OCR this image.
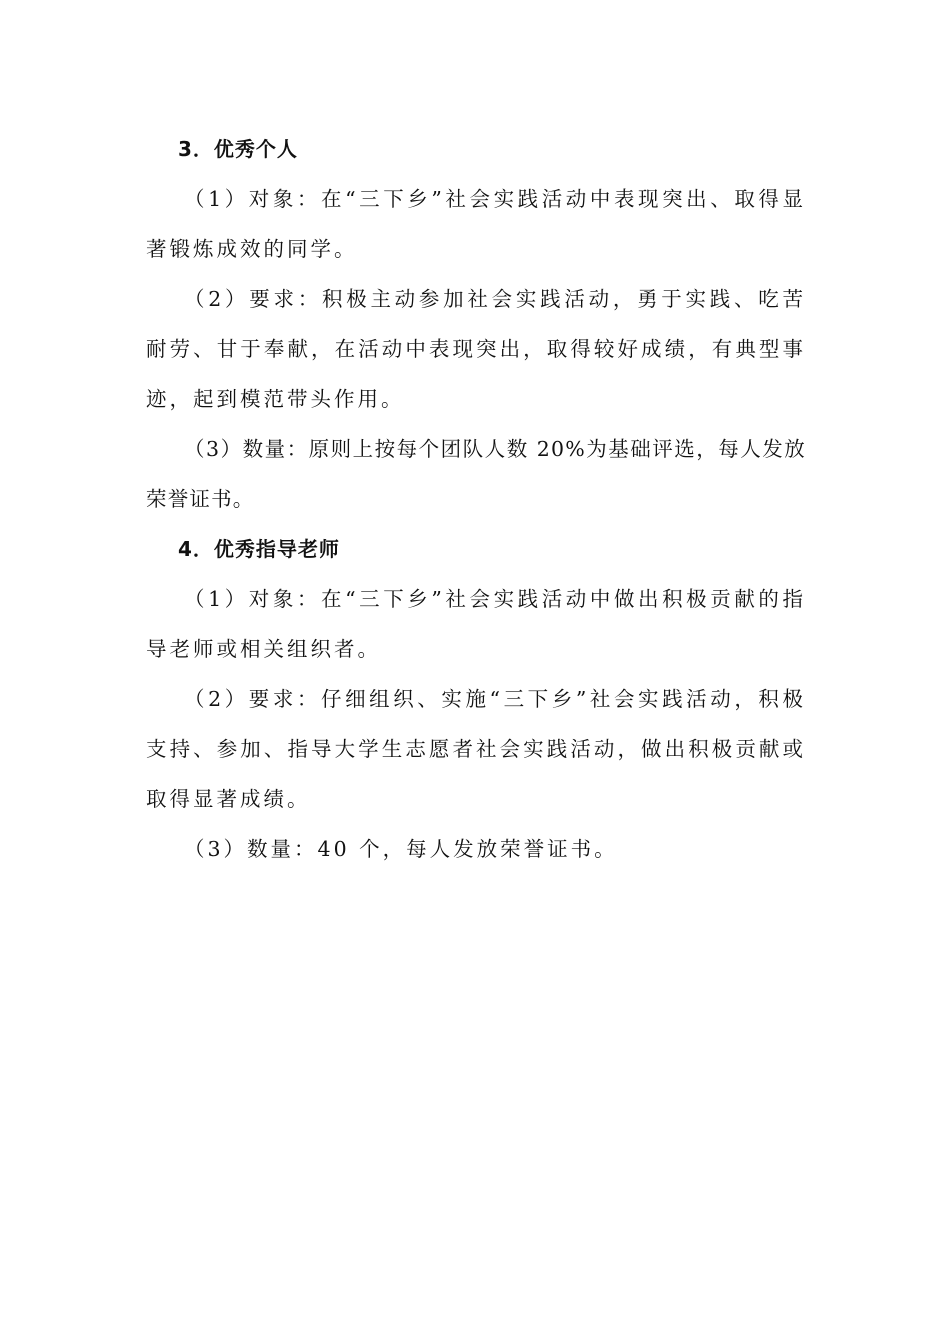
3．优秀个人

（1）对象：在“三下乡”社会实践活动中表现突出、取得显著锻炼成效的同学。

（2）要求：积极主动参加社会实践活动，勇于实践、吃苦耐劳、甘于奉献，在活动中表现突出，取得较好成绩，有典型事迹，起到模范带头作用。

（3）数量：原则上按每个团队人数 20%为基础评选，每人发放荣誉证书。

4．优秀指导老师

（1）对象：在“三下乡”社会实践活动中做出积极贡献的指导老师或相关组织者。

（2）要求：仔细组织、实施“三下乡”社会实践活动，积极支持、参加、指导大学生志愿者社会实践活动，做出积极贡献或取得显著成绩。

（3）数量：40 个，每人发放荣誉证书。
